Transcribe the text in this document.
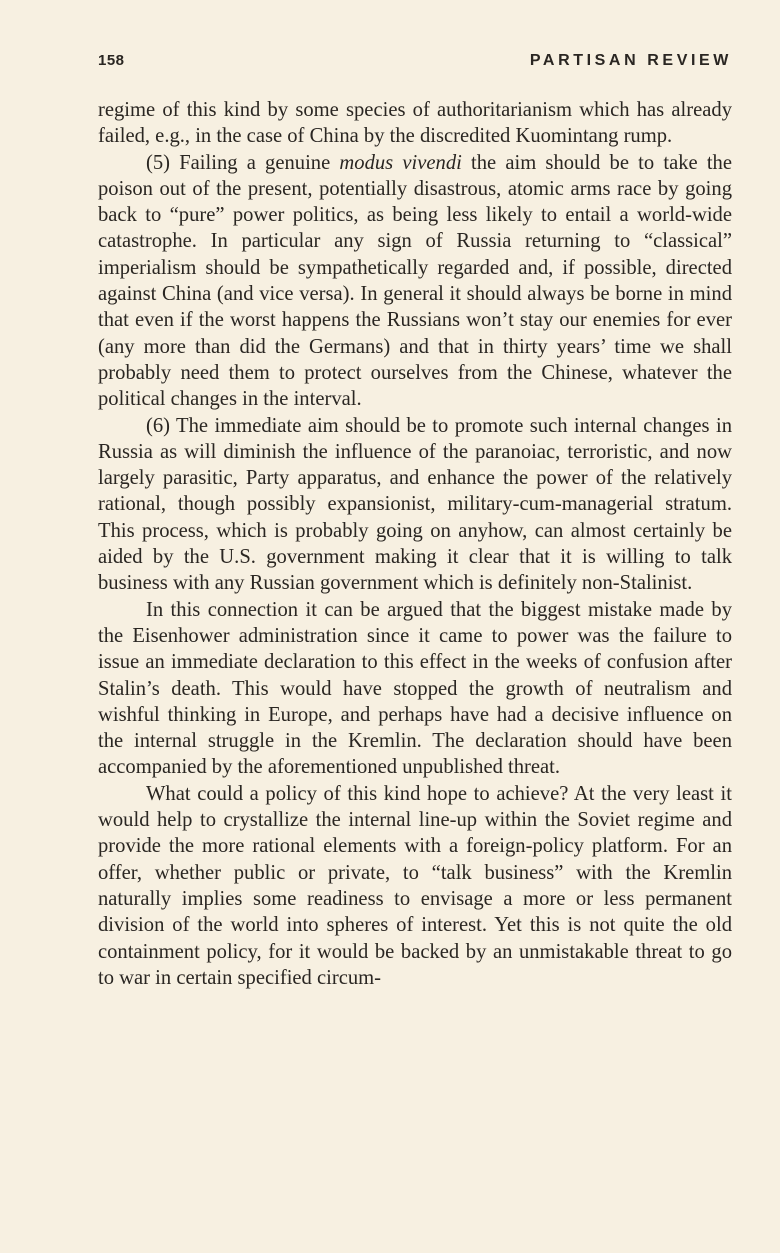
158	PARTISAN REVIEW

regime of this kind by some species of authoritarianism which has already failed, e.g., in the case of China by the discredited Kuomintang rump.

(5) Failing a genuine modus vivendi the aim should be to take the poison out of the present, potentially disastrous, atomic arms race by going back to “pure” power politics, as being less likely to entail a world-wide catastrophe. In particular any sign of Russia returning to “classical” imperialism should be sympathetically regarded and, if possible, directed against China (and vice versa). In general it should always be borne in mind that even if the worst happens the Russians won’t stay our enemies for ever (any more than did the Germans) and that in thirty years’ time we shall probably need them to protect ourselves from the Chinese, whatever the political changes in the interval.

(6) The immediate aim should be to promote such internal changes in Russia as will diminish the influence of the paranoiac, terroristic, and now largely parasitic, Party apparatus, and enhance the power of the relatively rational, though possibly expansionist, military-cum-managerial stratum. This process, which is probably going on anyhow, can almost certainly be aided by the U.S. government making it clear that it is willing to talk business with any Russian government which is definitely non-Stalinist.

In this connection it can be argued that the biggest mistake made by the Eisenhower administration since it came to power was the failure to issue an immediate declaration to this effect in the weeks of confusion after Stalin’s death. This would have stopped the growth of neutralism and wishful thinking in Europe, and perhaps have had a decisive influence on the internal struggle in the Kremlin. The declaration should have been accompanied by the aforementioned unpublished threat.

What could a policy of this kind hope to achieve? At the very least it would help to crystallize the internal line-up within the Soviet regime and provide the more rational elements with a foreign-policy platform. For an offer, whether public or private, to “talk business” with the Kremlin naturally implies some readiness to envisage a more or less permanent division of the world into spheres of interest. Yet this is not quite the old containment policy, for it would be backed by an unmistakable threat to go to war in certain specified circum-
